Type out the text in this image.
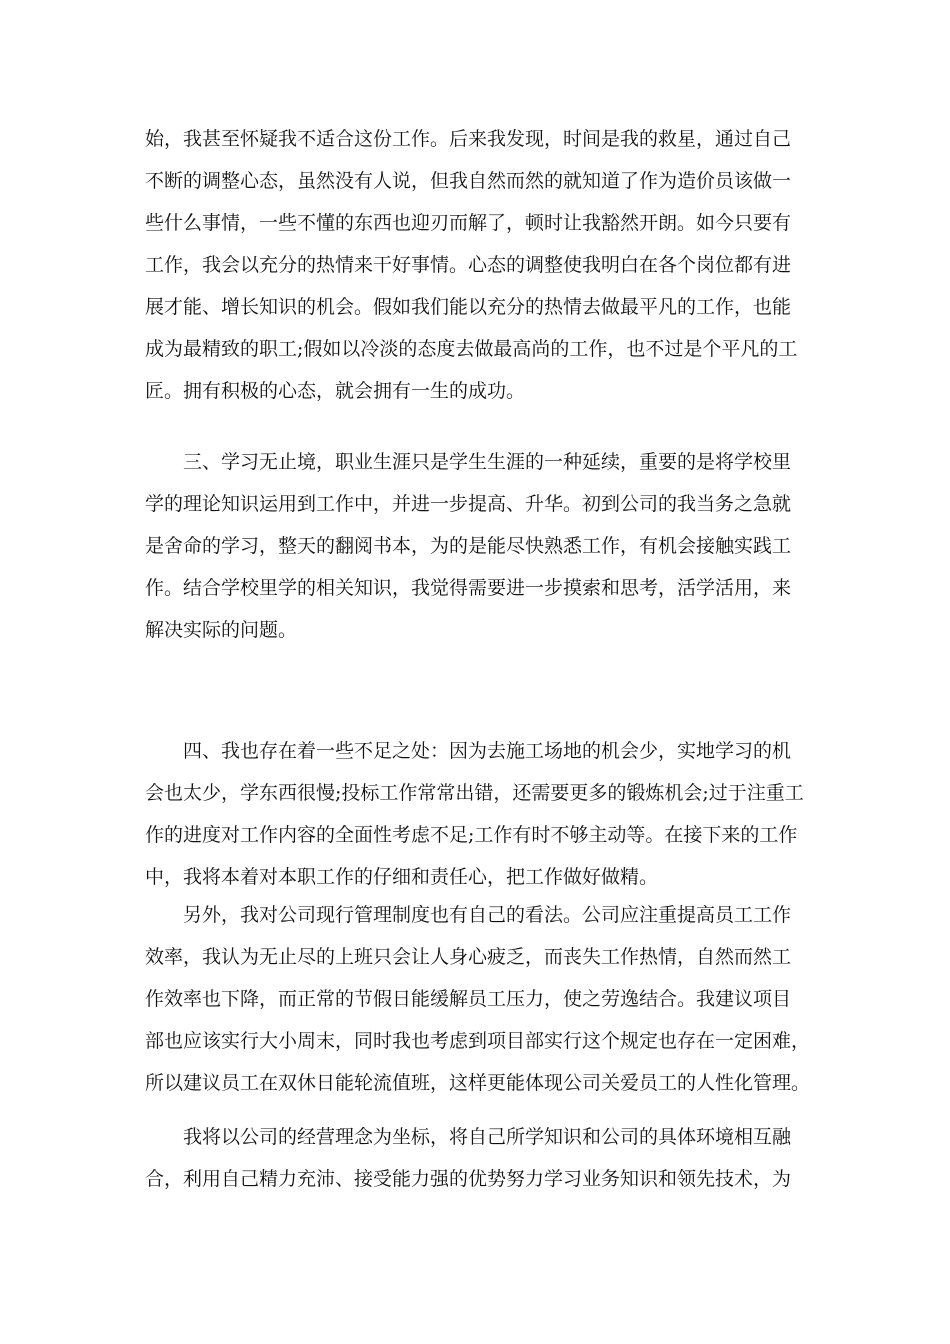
始，我甚至怀疑我不适合这份工作。后来我发现，时间是我的救星，通过自己

不断的调整心态，虽然没有人说，但我自然而然的就知道了作为造价员该做一

些什么事情，一些不懂的东西也迎刃而解了，顿时让我豁然开朗。如今只要有

工作，我会以充分的热情来干好事情。心态的调整使我明白在各个岗位都有进

展才能、增长知识的机会。假如我们能以充分的热情去做最平凡的工作，也能

成为最精致的职工;假如以冷淡的态度去做最高尚的工作，也不过是个平凡的工

匠。拥有积极的心态，就会拥有一生的成功。

三、学习无止境，职业生涯只是学生生涯的一种延续，重要的是将学校里

学的理论知识运用到工作中，并进一步提高、升华。初到公司的我当务之急就

是舍命的学习，整天的翻阅书本，为的是能尽快熟悉工作，有机会接触实践工

作。结合学校里学的相关知识，我觉得需要进一步摸索和思考，活学活用，来

解决实际的问题。

四、我也存在着一些不足之处：因为去施工场地的机会少，实地学习的机

会也太少，学东西很慢;投标工作常常出错，还需要更多的锻炼机会;过于注重工

作的进度对工作内容的全面性考虑不足;工作有时不够主动等。在接下来的工作

中，我将本着对本职工作的仔细和责任心，把工作做好做精。

另外，我对公司现行管理制度也有自己的看法。公司应注重提高员工工作

效率，我认为无止尽的上班只会让人身心疲乏，而丧失工作热情，自然而然工

作效率也下降，而正常的节假日能缓解员工压力，使之劳逸结合。我建议项目

部也应该实行大小周末，同时我也考虑到项目部实行这个规定也存在一定困难，

所以建议员工在双休日能轮流值班，这样更能体现公司关爱员工的人性化管理。

我将以公司的经营理念为坐标，将自己所学知识和公司的具体环境相互融

合，利用自己精力充沛、接受能力强的优势努力学习业务知识和领先技术，为
